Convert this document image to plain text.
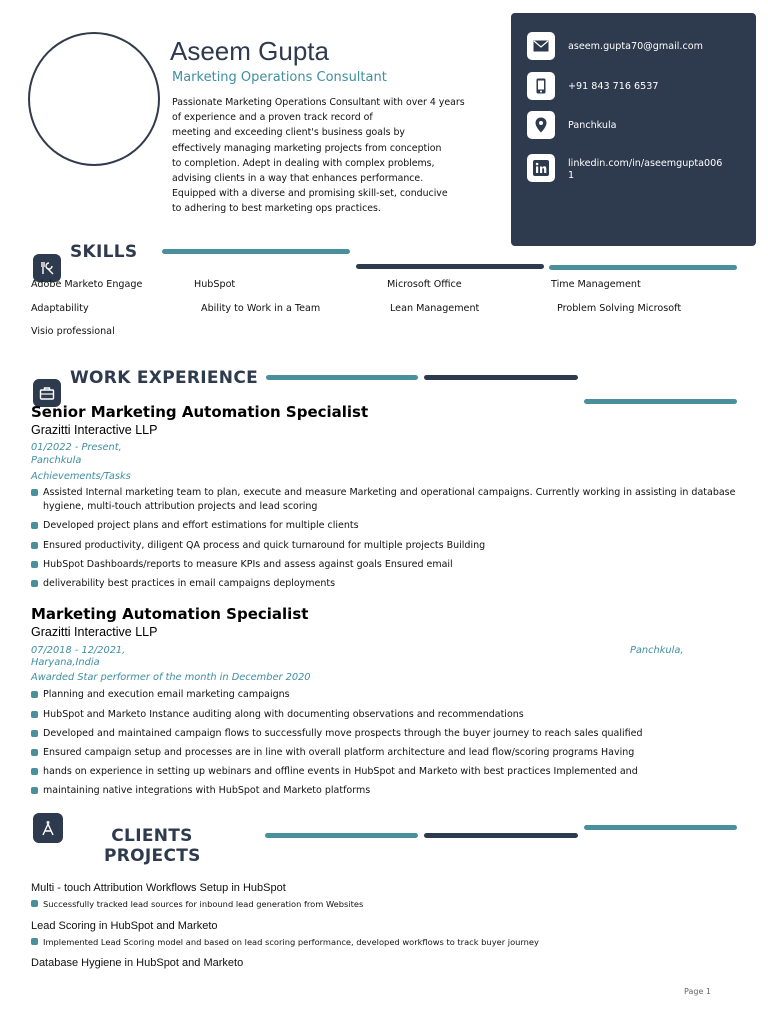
Aseem Gupta
Marketing Operations Consultant
Passionate Marketing Operations Consultant with over 4 years
of experience and a proven track record of
meeting and exceeding client's business goals by
effectively managing marketing projects from conception
to completion. Adept in dealing with complex problems,
advising clients in a way that enhances performance.
Equipped with a diverse and promising skill-set, conducive
to adhering to best marketing ops practices.
aseem.gupta70@gmail.com
+91 843 716 6537
Panchkula
linkedin.com/in/aseemgupta0061
SKILLS
Adobe Marketo Engage	HubSpot	Microsoft Office	Time Management
Adaptability	Ability to Work in a Team	Lean Management	Problem Solving Microsoft
Visio professional
WORK EXPERIENCE
Senior Marketing Automation Specialist
Grazitti Interactive LLP
01/2022 - Present,
Panchkula
Achievements/Tasks
Assisted Internal marketing team to plan, execute and measure Marketing and operational campaigns. Currently working in assisting in database hygiene, multi-touch attribution projects and lead scoring
Developed project plans and effort estimations for multiple clients
Ensured productivity, diligent QA process and quick turnaround for multiple projects Building
HubSpot Dashboards/reports to measure KPIs and assess against goals Ensured email
deliverability best practices in email campaigns deployments
Marketing Automation Specialist
Grazitti Interactive LLP
07/2018 - 12/2021,	Panchkula,
Haryana,India
Awarded Star performer of the month in December 2020
Planning and execution email marketing campaigns
HubSpot and Marketo Instance auditing along with documenting observations and recommendations
Developed and maintained campaign flows to successfully move prospects through the buyer journey to reach sales qualified
Ensured campaign setup and processes are in line with overall platform architecture and lead flow/scoring programs Having
hands on experience in setting up webinars and offline events in HubSpot and Marketo with best practices Implemented and
maintaining native integrations with HubSpot and Marketo platforms
CLIENTS
PROJECTS
Multi - touch Attribution Workflows Setup in HubSpot
Successfully tracked lead sources for inbound lead generation from Websites
Lead Scoring in HubSpot and Marketo
Implemented Lead Scoring model and based on lead scoring performance, developed workflows to track buyer journey
Database Hygiene in HubSpot and Marketo
Page 1
